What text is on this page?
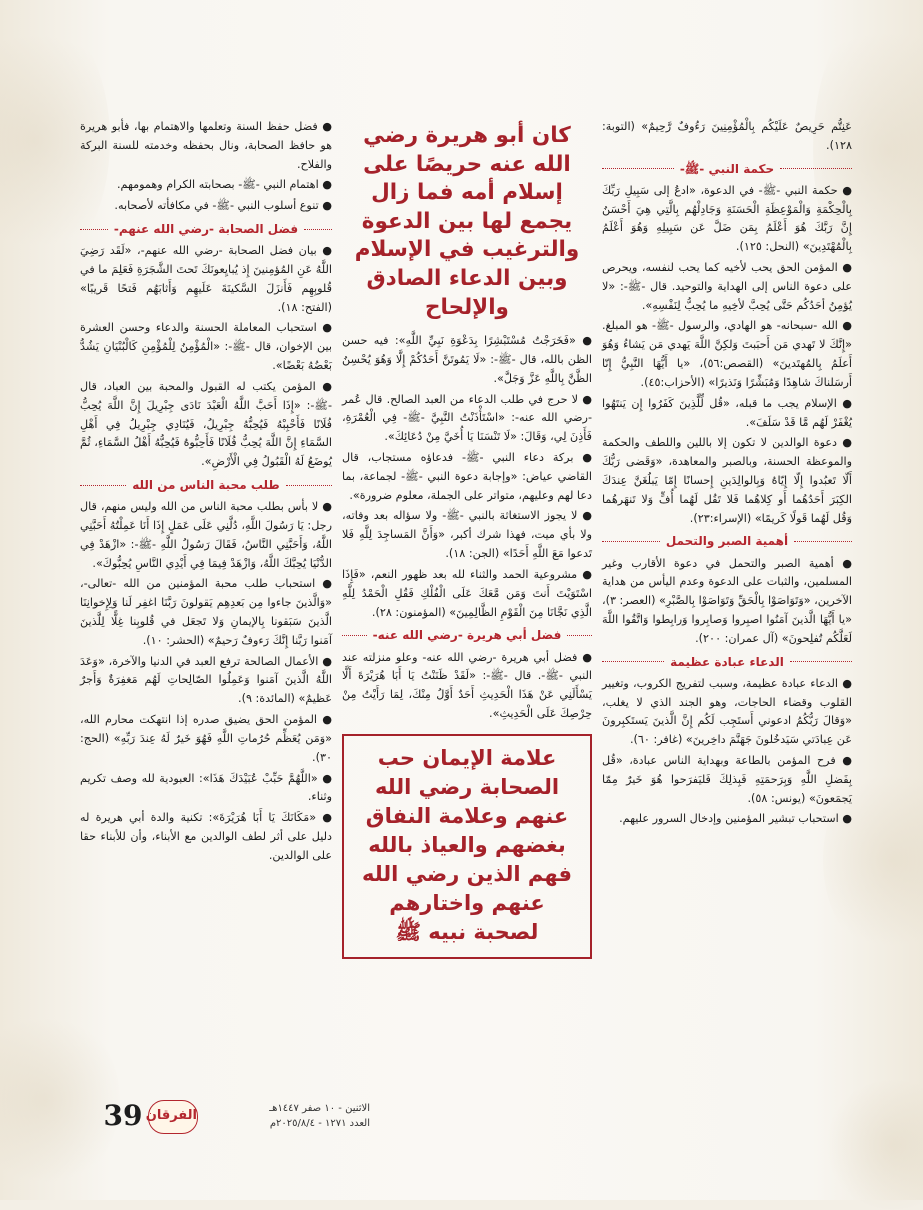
عَنِتُّم حَرِيصٌ عَلَيْكُم بِالْمُؤْمِنِينَ رَءُوفٌ رَّحِيمٌ» (التوبة: ١٢٨).

حكمة النبي -ﷺ-

● حكمة النبي -ﷺ- في الدعوة، «ادعُ إلى سَبِيلِ رَبِّكَ بِالْحِكْمَةِ وَالْمَوْعِظَةِ الْحَسَنَةِ وَجَادِلْهُم بِالَّتِي هِيَ أَحْسَنُ إِنَّ رَبَّكَ هُوَ أَعْلَمُ بِمَن ضَلَّ عَن سَبِيلِهِ وَهُوَ أَعْلَمُ بِالْمُهْتَدِينَ» (النحل: ١٢٥).

● المؤمن الحق يحب لأخيه كما يحب لنفسه، ويحرص على دعوة الناس إلى الهداية والتوحيد. قال -ﷺ-: «لا يُؤمِنُ أحَدُكُم حَتَّى يُحِبَّ لأخِيهِ ما يُحِبُّ لِنَفْسِهِ».

● الله -سبحانه- هو الهادي، والرسول -ﷺ- هو المبلغ. «إِنَّكَ لا تَهدي مَن أَحبَبتَ وَلكِنَّ اللَّهَ يَهدي مَن يَشاءُ وَهُوَ أَعلَمُ بِالمُهتَدينَ» (القصص:٥٦)، «يا أَيُّهَا النَّبِيُّ إِنّا أَرسَلناكَ شاهِدًا وَمُبَشِّرًا وَنَذيرًا» (الأحزاب:٤٥).

● الإسلام يجب ما قبله، «قُل لِّلَّذِينَ كَفَرُوا إِن يَنتَهُوا يُغْفَرْ لَهُم مَّا قَدْ سَلَفَ».

● دعوة الوالدين لا تكون إلا باللين واللطف والحكمة والموعظة الحسنة، وبالصبر والمعاهدة، «وَقَضى رَبُّكَ أَلّا تَعبُدوا إِلّا إِيّاهُ وَبِالوالِدَينِ إِحسانًا إِمّا يَبلُغَنَّ عِندَكَ الكِبَرَ أَحَدُهُما أَو كِلاهُما فَلا تَقُل لَهُما أُفٍّ وَلا تَنهَرهُما وَقُل لَهُما قَولًا كَريمًا» (الإسراء:٢٣).

أهمية الصبر والتحمل

● أهمية الصبر والتحمل في دعوة الأقارب وغير المسلمين، والثبات على الدعوة وعدم اليأس من هداية الآخرين، «وَتَوَاصَوْا بِالْحَقِّ وَتَوَاصَوْا بِالصَّبْرِ» (العصر: ٣)، «يا أَيُّهَا الَّذينَ آمَنُوا اصبِروا وَصابِروا وَرابِطوا وَاتَّقُوا اللَّهَ لَعَلَّكُم تُفلِحونَ» (آل عمران: ٢٠٠).

الدعاء عبادة عظيمة

● الدعاء عبادة عظيمة، وسبب لتفريج الكروب، وتغيير القلوب وقضاء الحاجات، وهو الجند الذي لا يغلب، «وَقالَ رَبُّكُمُ ادعوني أَستَجِب لَكُم إِنَّ الَّذينَ يَستَكبِرونَ عَن عِبادَتي سَيَدخُلونَ جَهَنَّمَ داخِرينَ» (غافر: ٦٠).

● فرح المؤمن بالطاعة وبهداية الناس عبادة، «قُل بِفَضلِ اللَّهِ وَبِرَحمَتِهِ فَبِذلِكَ فَليَفرَحوا هُوَ خَيرٌ مِمّا يَجمَعونَ» (يونس: ٥٨).

● استحباب تبشير المؤمنين وإدخال السرور عليهم.

كان أبو هريرة رضي الله عنه حريصًا على إسلام أمه فما زال يجمع لها بين الدعوة والترغيب في الإسلام وبين الدعاء الصادق والإلحاح

● «فَخَرَجْتُ مُسْتَبْشِرًا بِدَعْوَةِ نَبِيِّ اللَّهِ»: فيه حسن الظن بالله، قال -ﷺ-: «لَا يَمُوتَنَّ أَحَدُكُمْ إِلَّا وَهُوَ يُحْسِنُ الظَّنَّ بِاللَّهِ عَزَّ وَجَلَّ».

● لا حرج في طلب الدعاء من العبد الصالح. قال عُمر -رضي الله عنه-: «اسْتَأْذَنْتُ النَّبِيَّ -ﷺ- فِي الْعُمْرَةِ، فَأَذِنَ لِي، وَقَالَ: «لَا تَنْسَنَا يَا أُخَيَّ مِنْ دُعَائِكَ».

● بركة دعاء النبي -ﷺ- فدعاؤه مستجاب، قال القاضي عياض: «وإجابة دعوة النبي -ﷺ- لجماعة، بما دعا لهم وعليهم، متواتر على الجملة، معلوم ضرورة».

● لا يجوز الاستغاثة بالنبي -ﷺ- ولا سؤاله بعد وفاته، ولا بأي ميت، فهذا شرك أكبر، «وَأَنَّ المَساجِدَ لِلَّهِ فَلا تَدعوا مَعَ اللَّهِ أَحَدًا» (الجن: ١٨).

● مشروعية الحمد والثناء لله بعد ظهور النعم، «فَإِذَا اسْتَوَيْتَ أَنتَ وَمَن مَّعَكَ عَلَى الْفُلْكِ فَقُلِ الْحَمْدُ لِلَّهِ الَّذِي نَجَّانَا مِنَ الْقَوْمِ الظَّالِمِينَ» (المؤمنون: ٢٨).

فضل أبي هريرة -رضي الله عنه-

● فضل أبي هريرة -رضي الله عنه- وعلو منزلته عند النبي -ﷺ-. قال -ﷺ-: «لَقَدْ ظَنَنْتُ يَا أَبَا هُرَيْرَةَ أَلَّا يَسْأَلَنِي عَنْ هَذَا الْحَدِيثِ أَحَدٌ أَوَّلُ مِنْكَ، لِمَا رَأَيْتُ مِنْ حِرْصِكَ عَلَى الْحَدِيثِ».

علامة الإيمان حب الصحابة رضي الله عنهم وعلامة النفاق بغضهم والعياذ بالله فهم الذين رضي الله عنهم واختارهم لصحبة نبيه ﷺ

● فضل حفظ السنة وتعلمها والاهتمام بها، فأبو هريرة هو حافظ الصحابة، ونال بحفظه وخدمته للسنة البركة والفلاح.

● اهتمام النبي -ﷺ- بصحابته الكرام وهمومهم.

● تنوع أسلوب النبي -ﷺ- في مكافأته لأصحابه.

فضل الصحابة -رضي الله عنهم-

● بيان فضل الصحابة -رضي الله عنهم-، «لَقَد رَضِيَ اللَّهُ عَنِ المُؤمِنينَ إِذ يُبايِعونَكَ تَحتَ الشَّجَرَةِ فَعَلِمَ ما في قُلوبِهِم فَأَنزَلَ السَّكينَةَ عَلَيهِم وَأَثابَهُم فَتحًا قَريبًا» (الفتح: ١٨).

● استحباب المعاملة الحسنة والدعاء وحسن العشرة بين الإخوان، قال -ﷺ-: «الْمُؤْمِنُ لِلْمُؤْمِنِ كَالْبُنْيَانِ يَشُدُّ بَعْضُهُ بَعْضًا».

● المؤمن يكتب له القبول والمحبة بين العباد، قال -ﷺ-: «إِذَا أَحَبَّ اللَّهُ الْعَبْدَ نَادَى جِبْرِيلَ إِنَّ اللَّهَ يُحِبُّ فُلَانًا فَأَحْبِبْهُ فَيُحِبُّهُ جِبْرِيلُ، فَيُنَادِي جِبْرِيلُ فِي أَهْلِ السَّمَاءِ إِنَّ اللَّهَ يُحِبُّ فُلَانًا فَأَحِبُّوهُ فَيُحِبُّهُ أَهْلُ السَّمَاءِ، ثُمَّ يُوضَعُ لَهُ الْقَبُولُ فِي الْأَرْضِ».

طلب محبة الناس من الله

● لا بأس بطلب محبة الناس من الله وليس منهم، قال رجل: يَا رَسُولَ اللَّهِ، دُلَّنِي عَلَى عَمَلٍ إِذَا أَنَا عَمِلْتُهُ أَحَبَّنِي اللَّهُ، وَأَحَبَّنِي النَّاسُ، فَقَالَ رَسُولُ اللَّهِ -ﷺ-: «ازْهَدْ فِي الدُّنْيَا يُحِبَّكَ اللَّهُ، وَازْهَدْ فِيمَا فِي أَيْدِي النَّاسِ يُحِبُّوكَ».

● استحباب طلب محبة المؤمنين من الله -تعالى-، «وَالَّذينَ جاءوا مِن بَعدِهِم يَقولونَ رَبَّنَا اغفِر لَنا وَلِإِخوانِنَا الَّذينَ سَبَقونا بِالإيمانِ وَلا تَجعَل في قُلوبِنا غِلًّا لِلَّذينَ آمَنوا رَبَّنا إِنَّكَ رَءوفٌ رَحيمٌ» (الحشر: ١٠).

● الأعمال الصالحة ترفع العبد في الدنيا والآخرة، «وَعَدَ اللَّهُ الَّذينَ آمَنوا وَعَمِلُوا الصّالِحاتِ لَهُم مَغفِرَةٌ وَأَجرٌ عَظيمٌ» (المائدة: ٩).

● المؤمن الحق يضيق صدره إذا انتهكت محارم الله، «وَمَن يُعَظِّم حُرُماتِ اللَّهِ فَهُوَ خَيرٌ لَهُ عِندَ رَبِّهِ» (الحج: ٣٠).

● «اللَّهُمَّ حَبِّبْ عُبَيْدَكَ هَذَا»: العبودية لله وصف تكريم وثناء.

● «مَكَانَكَ يَا أَبَا هُرَيْرَةَ»: تكنية والدة أبي هريرة له دليل على أثر لطف الوالدين مع الأبناء، وأن للأبناء حقا على الوالدين.

39 الفرقان	الاثنين - ١٠ صفر ١٤٤٧هـ
العدد ١٢٧١ - ٢٠٢٥/٨/٤م
